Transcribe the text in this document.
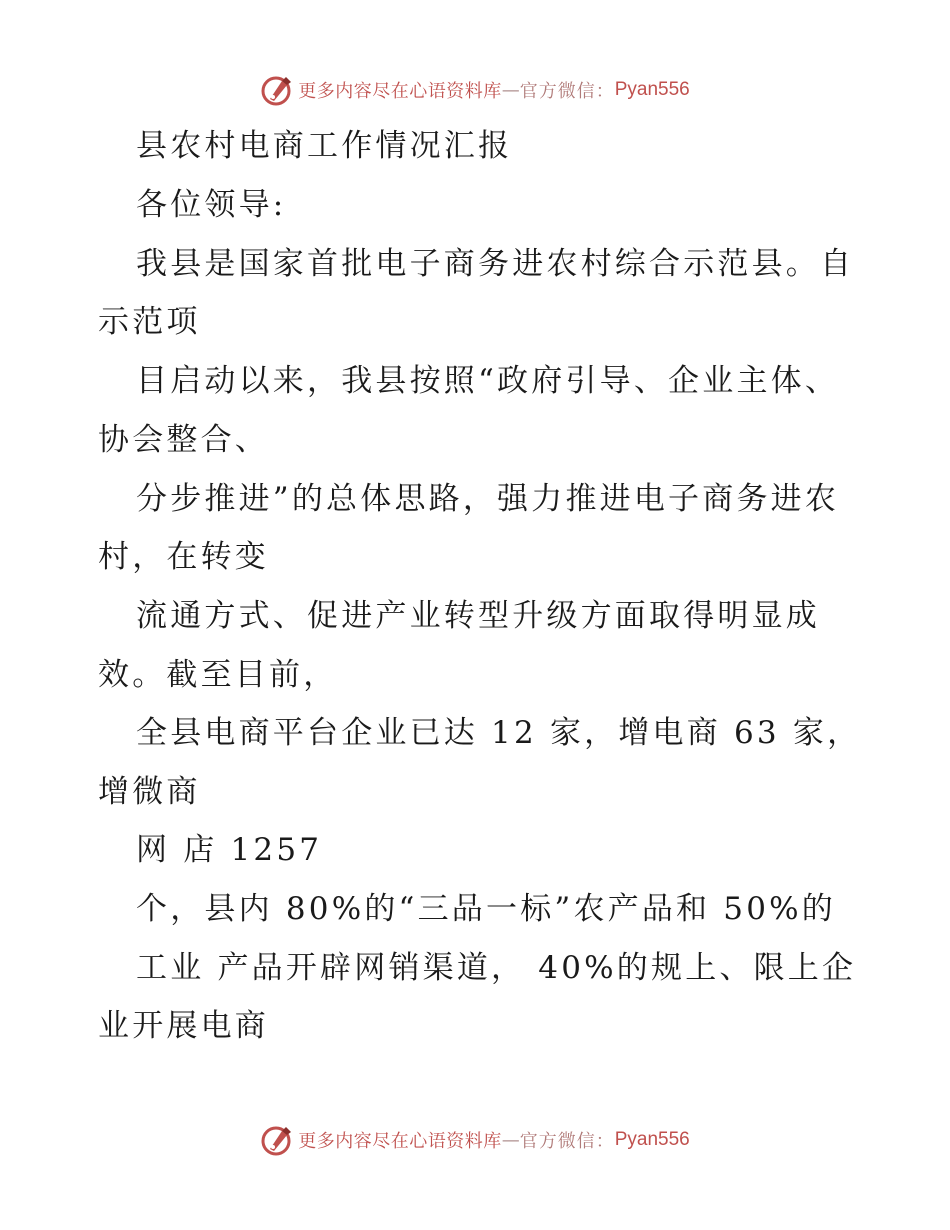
更多内容尽在心语资料库 — 官方微信： Pyan556
县农村电商工作情况汇报
各位领导:
我县是国家首批电子商务进农村综合示范县。自
示范项
目启动以来，我县按照“政府引导、企业主体、
协会整合、
分步推进”的总体思路，强力推进电子商务进农
村，在转变
流通方式、促进产业转型升级方面取得明显成
效。截至目前，
全县电商平台企业已达 12 家，增电商 63 家，
增微商
网 店 1257
个，县内 80%的“三品一标”农产品和 50%的
工业 产品开辟网销渠道， 40%的规上、限上企
业开展电商
更多内容尽在心语资料库 — 官方微信： Pyan556
